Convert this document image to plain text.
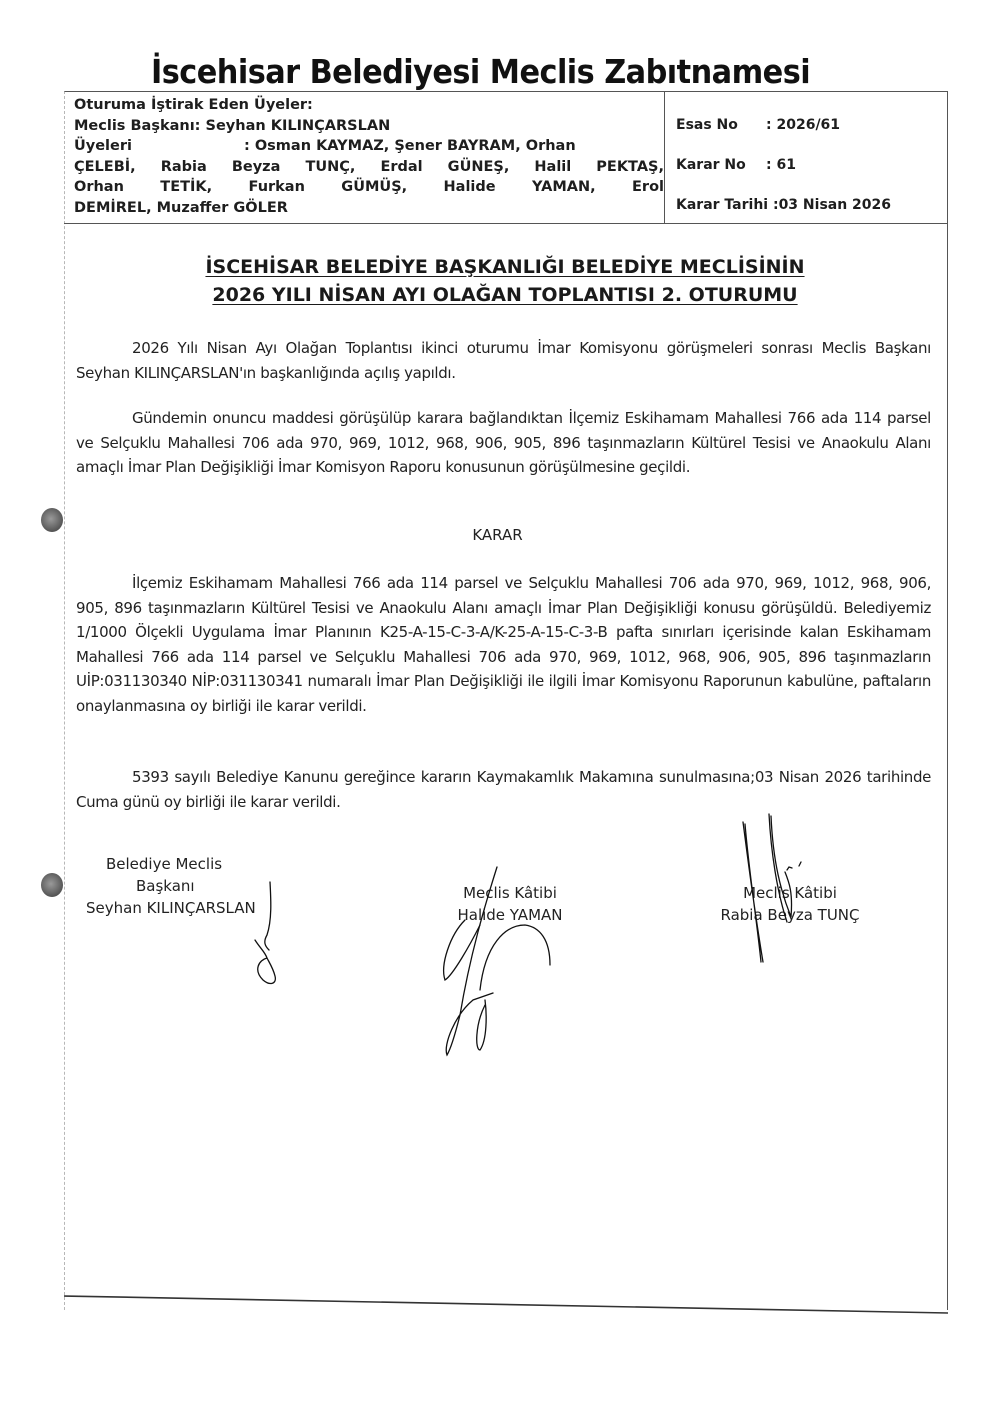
İscehisar Belediyesi Meclis Zabıtnamesi
Oturuma İştirak Eden Üyeler:
Meclis Başkanı: Seyhan KILINÇARSLAN
Üyeleri	: Osman KAYMAZ, Şener BAYRAM, Orhan
ÇELEBİ, Rabia Beyza TUNÇ, Erdal GÜNEŞ, Halil PEKTAŞ,
Orhan TETİK, Furkan GÜMÜŞ, Halide YAMAN, Erol
DEMİREL, Muzaffer GÖLER
Esas No	: 2026/61
Karar No	: 61
Karar Tarihi
:03 Nisan 2026
İSCEHİSAR BELEDİYE BAŞKANLIĞI BELEDİYE MECLİSİNİN
2026 YILI NİSAN AYI OLAĞAN TOPLANTISI 2. OTURUMU
2026 Yılı Nisan Ayı Olağan Toplantısı ikinci oturumu İmar Komisyonu görüşmeleri sonrası Meclis Başkanı Seyhan KILINÇARSLAN'ın başkanlığında açılış yapıldı.
Gündemin onuncu maddesi görüşülüp karara bağlandıktan İlçemiz Eskihamam Mahallesi 766 ada 114 parsel ve Selçuklu Mahallesi 706 ada 970, 969, 1012, 968, 906, 905, 896 taşınmazların Kültürel Tesisi ve Anaokulu Alanı amaçlı İmar Plan Değişikliği İmar Komisyon Raporu konusunun görüşülmesine geçildi.
KARAR
İlçemiz Eskihamam Mahallesi 766 ada 114 parsel ve Selçuklu Mahallesi 706 ada 970, 969, 1012, 968, 906, 905, 896 taşınmazların Kültürel Tesisi ve Anaokulu Alanı amaçlı İmar Plan Değişikliği konusu görüşüldü. Belediyemiz 1/1000 Ölçekli Uygulama İmar Planının K25-A-15-C-3-A/K-25-A-15-C-3-B pafta sınırları içerisinde kalan Eskihamam Mahallesi 766 ada 114 parsel ve Selçuklu Mahallesi 706 ada 970, 969, 1012, 968, 906, 905, 896 taşınmazların UİP:031130340 NİP:031130341 numaralı İmar Plan Değişikliği ile ilgili İmar Komisyonu Raporunun kabulüne, paftaların onaylanmasına oy birliği ile karar verildi.
5393 sayılı Belediye Kanunu gereğince kararın Kaymakamlık Makamına sunulmasına;03 Nisan 2026 tarihinde Cuma günü oy birliği ile karar verildi.
Belediye Meclis
Başkanı
Seyhan KILINÇARSLAN
Meclis Kâtibi
Halide YAMAN
Meclis Kâtibi
Rabia Beyza TUNÇ
